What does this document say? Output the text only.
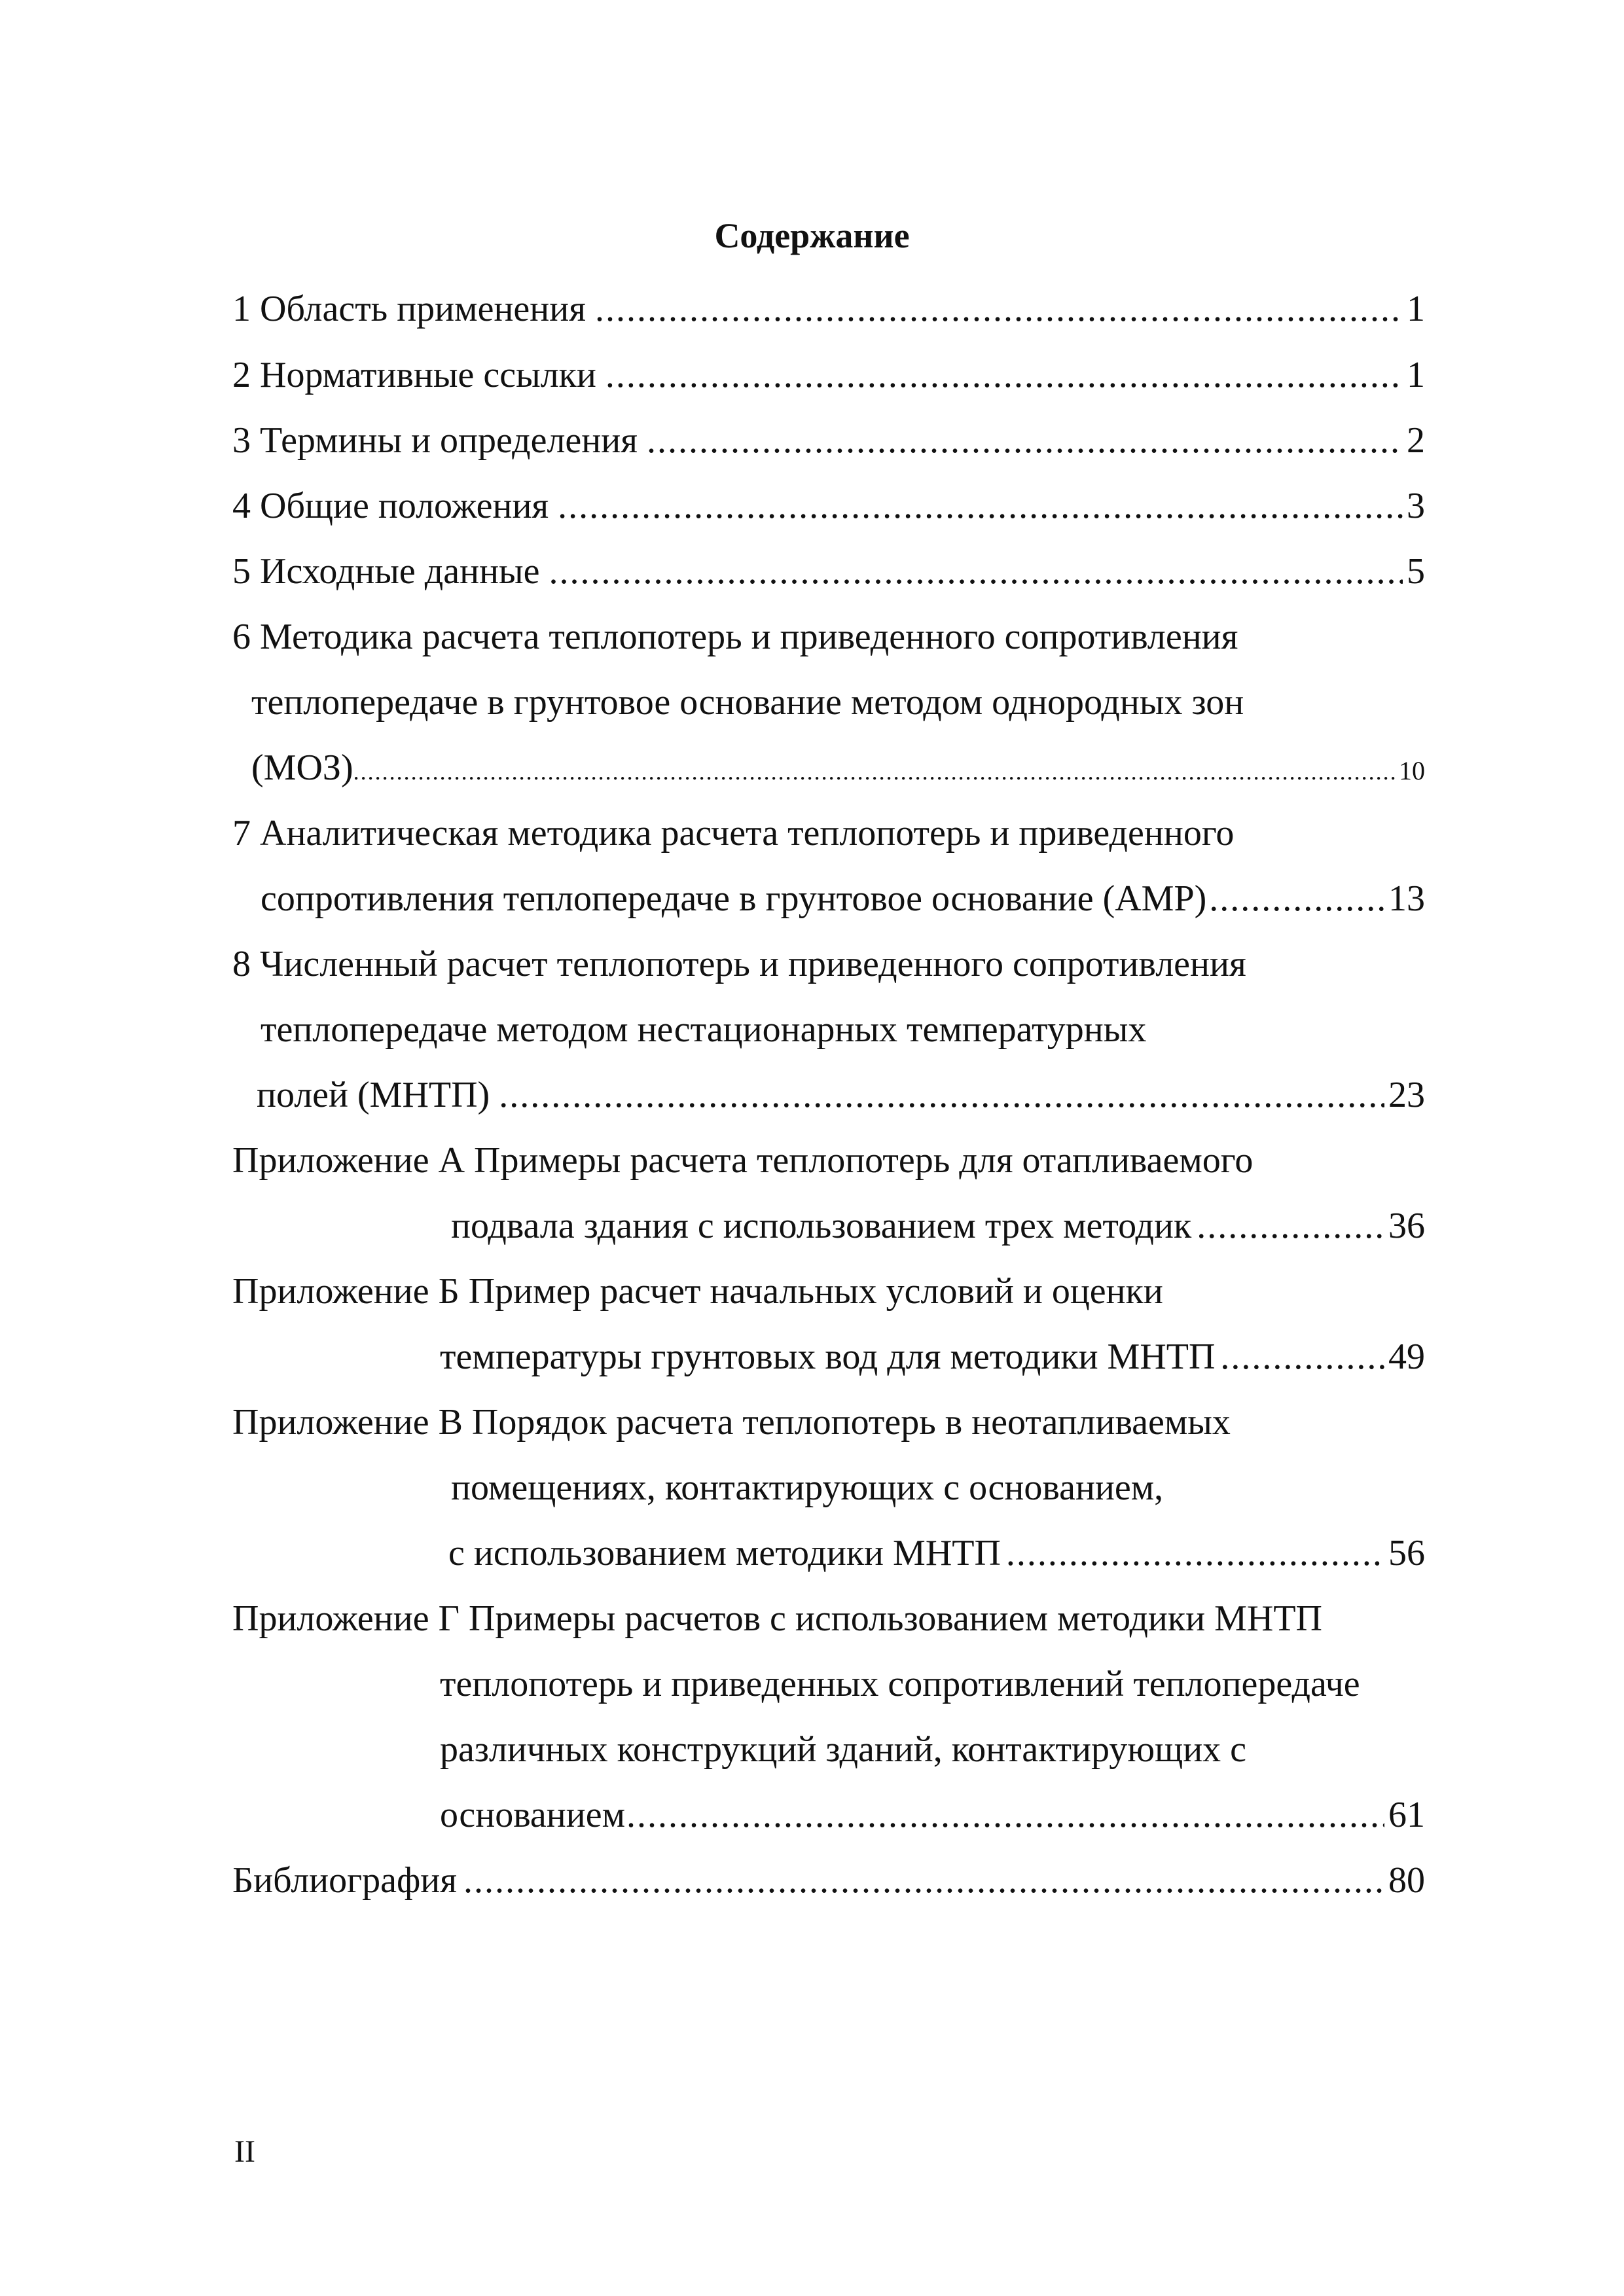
Содержание
1 Область применения .....	1
2 Нормативные ссылки .....	1
3 Термины и определения .....	2
4 Общие положения .....	3
5 Исходные данные .....	5
6 Методика расчета теплопотерь и приведенного сопротивления
теплопередаче в грунтовое основание методом однородных зон
(МОЗ) .....	10
7 Аналитическая методика расчета теплопотерь и приведенного
сопротивления теплопередаче в грунтовое основание (АМР) .....	13
8 Численный расчет теплопотерь и приведенного сопротивления
теплопередаче методом нестационарных температурных
полей (МНТП) .....	23
Приложение А Примеры расчета теплопотерь для отапливаемого
подвала здания с использованием трех методик .....	36
Приложение Б Пример расчет начальных условий и оценки
температуры грунтовых вод для методики МНТП .....	49
Приложение В Порядок расчета теплопотерь в неотапливаемых
помещениях, контактирующих с основанием,
с использованием методики МНТП .....	56
Приложение Г Примеры расчетов с использованием методики МНТП
теплопотерь и приведенных сопротивлений теплопередаче
различных конструкций зданий, контактирующих с
основанием .....	61
Библиография .....	80
II
